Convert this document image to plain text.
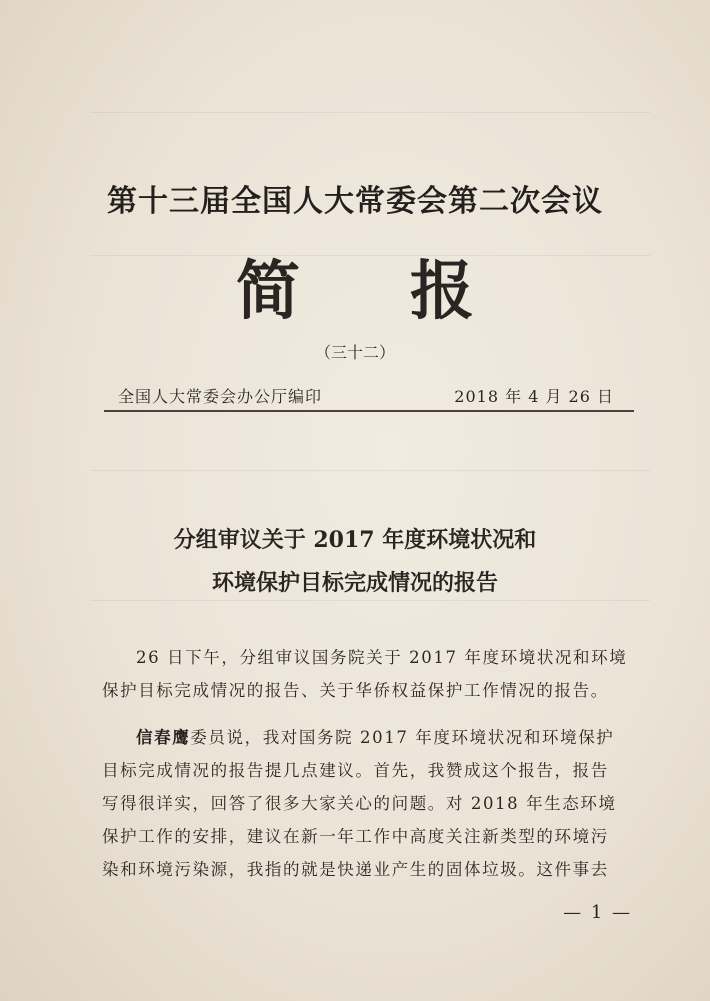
第十三届全国人大常委会第二次会议
简 报
（三十二）
全国人大常委会办公厅编印	2018 年 4 月 26 日
分组审议关于 2017 年度环境状况和
环境保护目标完成情况的报告

26 日下午，分组审议国务院关于 2017 年度环境状况和环境

保护目标完成情况的报告、关于华侨权益保护工作情况的报告。

信春鹰委员说，我对国务院 2017 年度环境状况和环境保护

目标完成情况的报告提几点建议。首先，我赞成这个报告，报告

写得很详实，回答了很多大家关心的问题。对 2018 年生态环境

保护工作的安排，建议在新一年工作中高度关注新类型的环境污

染和环境污染源，我指的就是快递业产生的固体垃圾。这件事去

— 1 —
